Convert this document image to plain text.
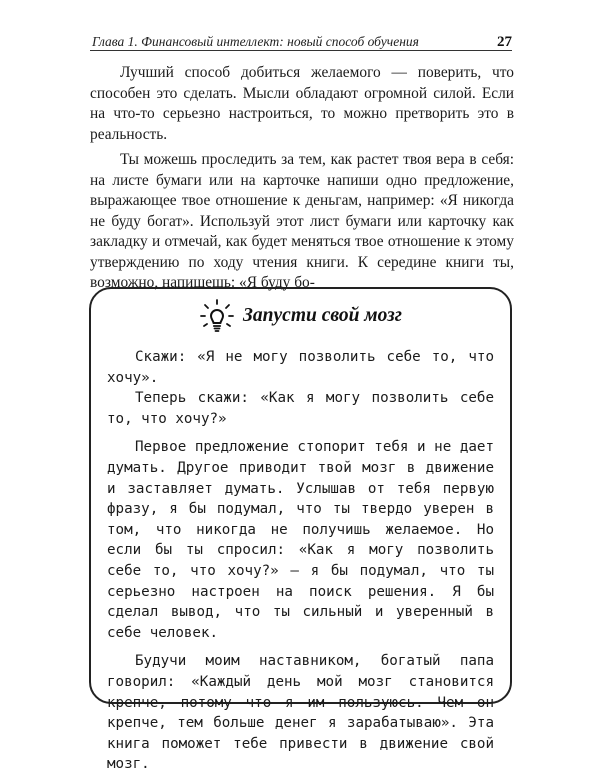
Глава 1. Финансовый интеллект: новый способ обучения	27

Лучший способ добиться желаемого — поверить, что способен это сделать. Мысли обладают огромной силой. Если на что-то серьезно настроиться, то можно претворить это в реальность.

Ты можешь проследить за тем, как растет твоя вера в себя: на листе бумаги или на карточке напиши одно предложение, выражающее твое отношение к деньгам, например: «Я никогда не буду богат». Используй этот лист бумаги или карточку как закладку и отмечай, как будет меняться твое отношение к этому утверждению по ходу чтения книги. К середине книги ты, возможно, напишешь: «Я буду бо-

Запусти свой мозг

Скажи: «Я не могу позволить себе то, что хочу».

Теперь скажи: «Как я могу позволить себе то, что хочу?»

Первое предложение стопорит тебя и не дает думать. Другое приводит твой мозг в движение и заставляет думать. Услышав от тебя первую фразу, я бы подумал, что ты твердо уверен в том, что никогда не получишь желаемое. Но если бы ты спросил: «Как я могу позволить себе то, что хочу?» — я бы подумал, что ты серьезно настроен на поиск решения. Я бы сделал вывод, что ты сильный и уверенный в себе человек.

Будучи моим наставником, богатый папа говорил: «Каждый день мой мозг становится крепче, потому что я им пользуюсь. Чем он крепче, тем больше денег я зарабатываю». Эта книга поможет тебе привести в движение свой мозг.
